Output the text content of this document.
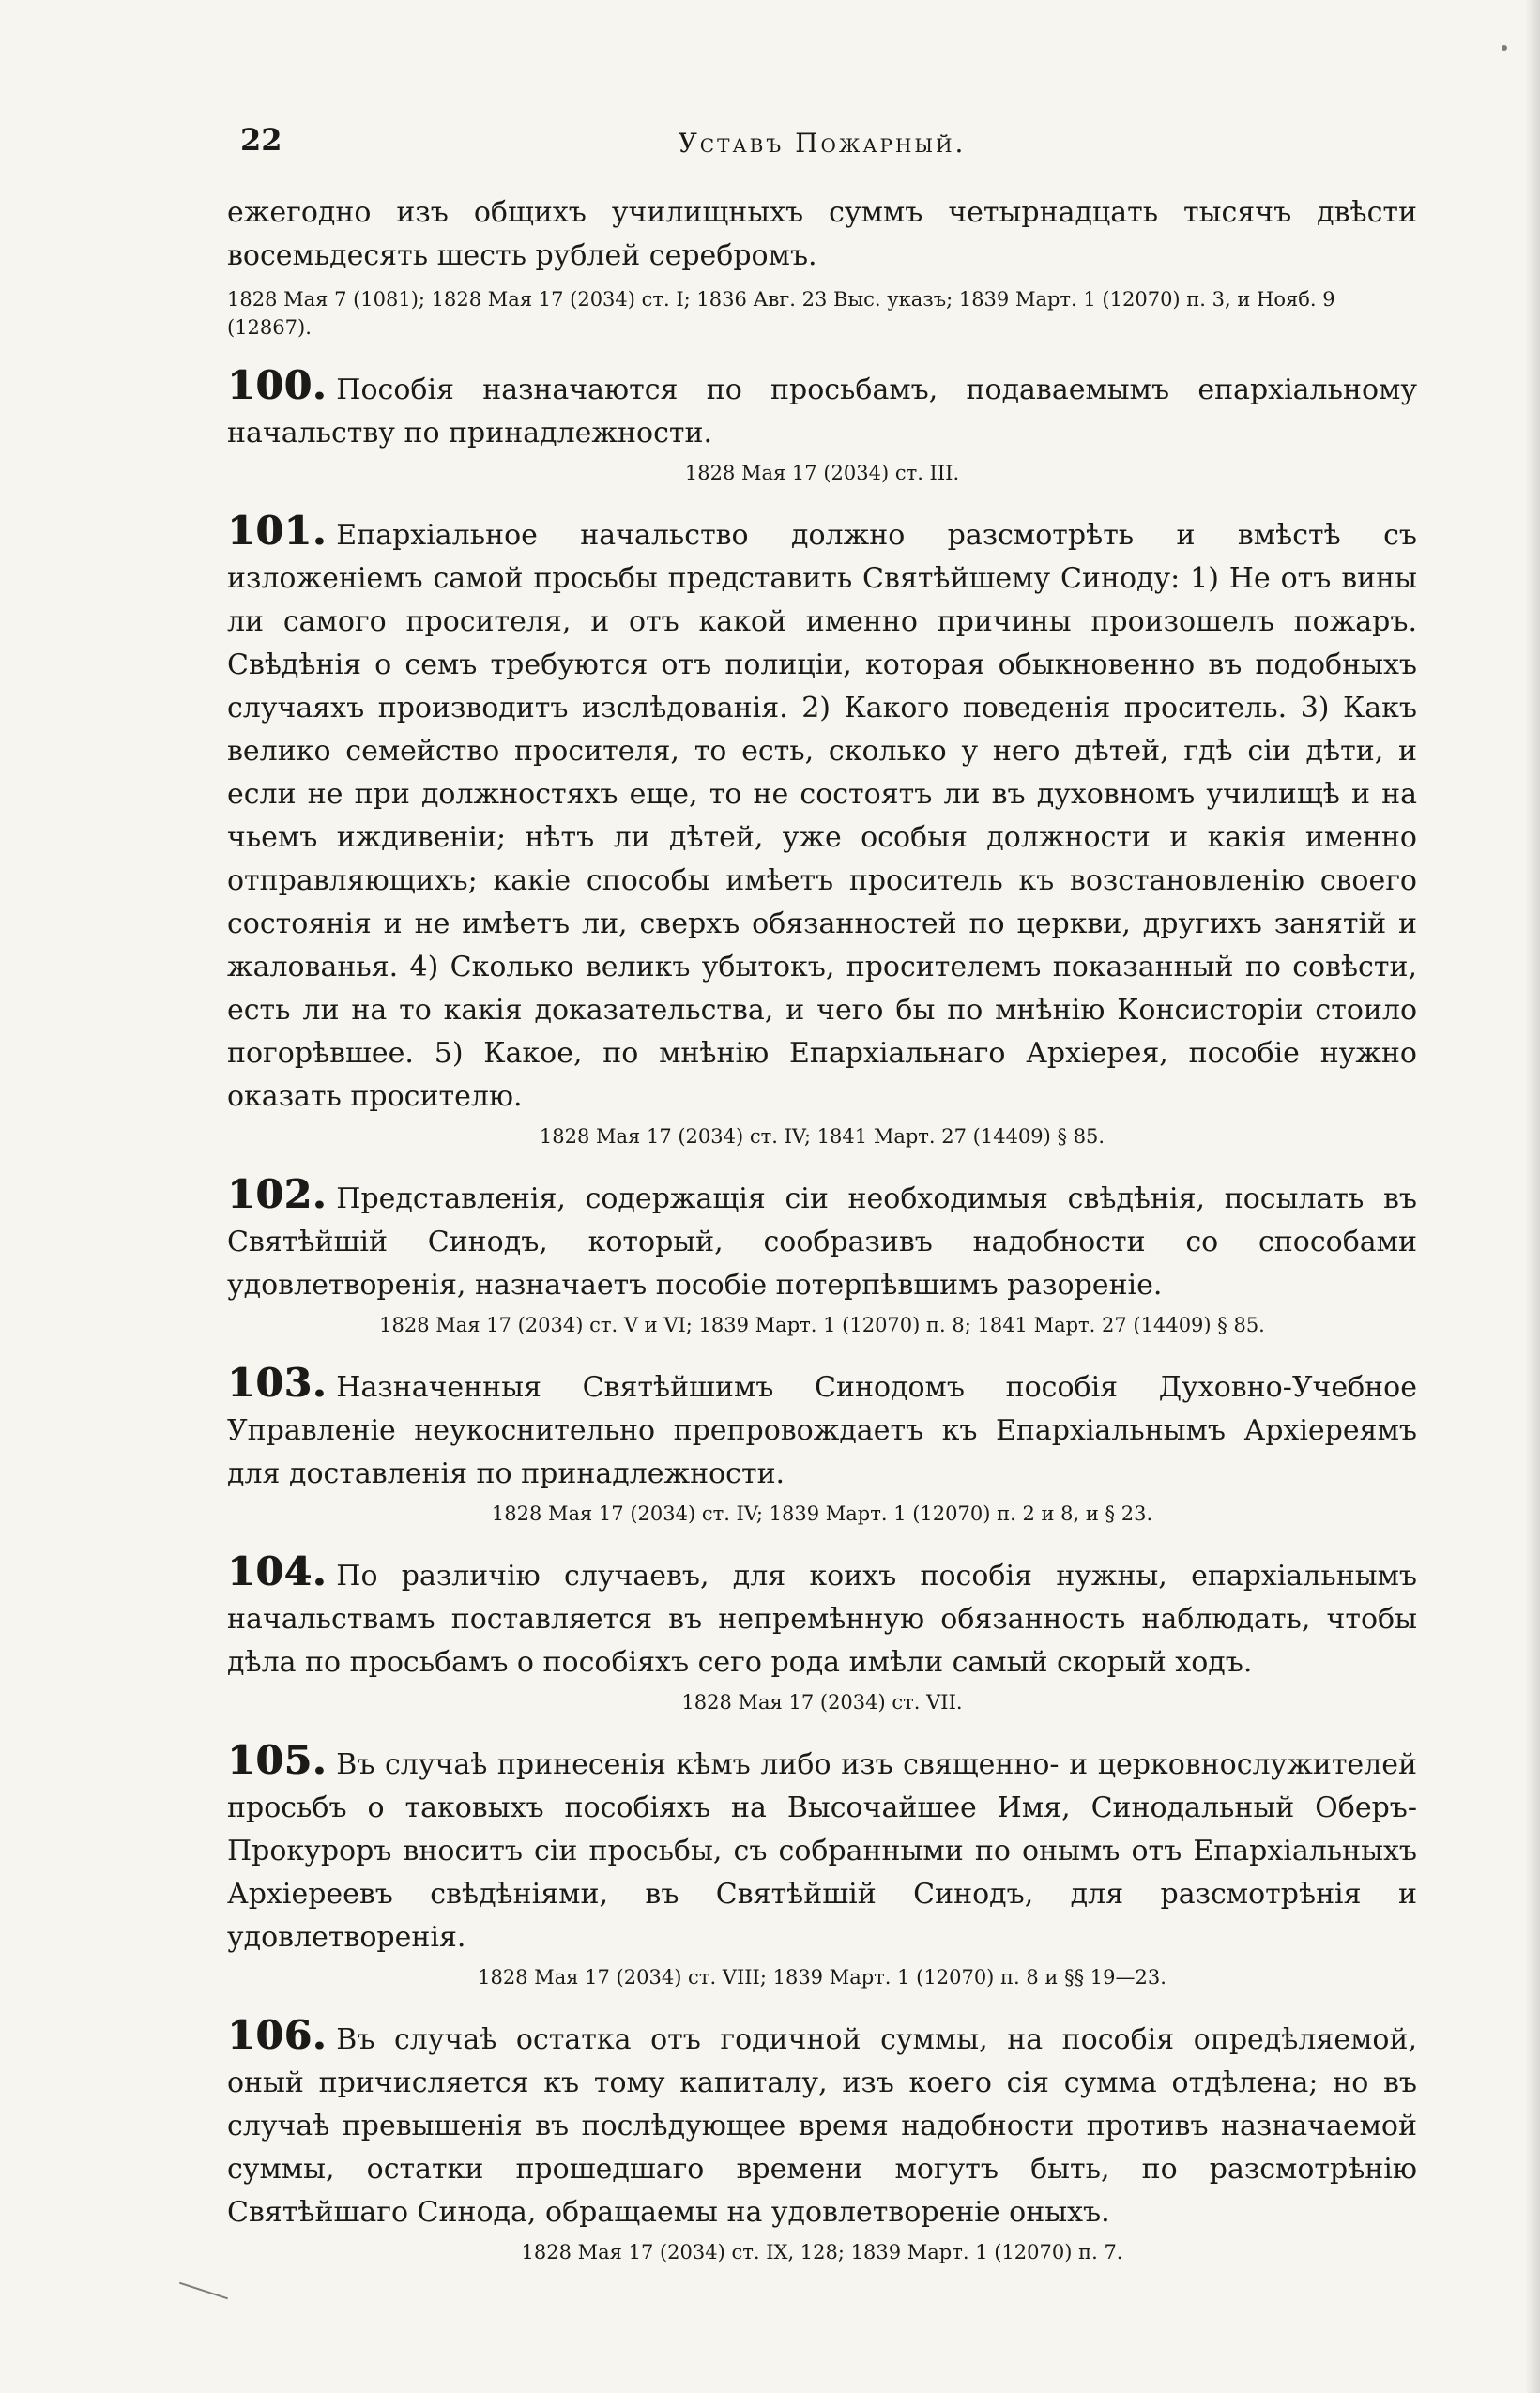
22	Уставъ Пожарный.

ежегодно изъ общихъ училищныхъ суммъ четырнадцать тысячъ двѣсти восемьдесять шесть рублей серебромъ.

1828 Мая 7 (1081); 1828 Мая 17 (2034) ст. I; 1836 Авг. 23 Выс. указъ; 1839 Март. 1 (12070) п. 3, и Нояб. 9 (12867).

100. Пособія назначаются по просьбамъ, подаваемымъ епархіальному начальству по принадлежности.

1828 Мая 17 (2034) ст. III.

101. Епархіальное начальство должно разсмотрѣть и вмѣстѣ съ изложеніемъ самой просьбы представить Святѣйшему Синоду: 1) Не отъ вины ли самого просителя, и отъ какой именно причины произошелъ пожаръ. Свѣдѣнія о семъ требуются отъ полиціи, которая обыкновенно въ подобныхъ случаяхъ производитъ изслѣдованія. 2) Какого поведенія проситель. 3) Какъ велико семейство просителя, то есть, сколько у него дѣтей, гдѣ сіи дѣти, и если не при должностяхъ еще, то не состоятъ ли въ духовномъ училищѣ и на чьемъ иждивеніи; нѣтъ ли дѣтей, уже особыя должности и какія именно отправляющихъ; какіе способы имѣетъ проситель къ возстановленію своего состоянія и не имѣетъ ли, сверхъ обязанностей по церкви, другихъ занятій и жалованья. 4) Сколько великъ убытокъ, просителемъ показанный по совѣсти, есть ли на то какія доказательства, и чего бы по мнѣнію Консисторіи стоило погорѣвшее. 5) Какое, по мнѣнію Епархіальнаго Архіерея, пособіе нужно оказать просителю.

1828 Мая 17 (2034) ст. IV; 1841 Март. 27 (14409) § 85.

102. Представленія, содержащія сіи необходимыя свѣдѣнія, посылать въ Святѣйшій Синодъ, который, сообразивъ надобности со способами удовлетворенія, назначаетъ пособіе потерпѣвшимъ разореніе.

1828 Мая 17 (2034) ст. V и VI; 1839 Март. 1 (12070) п. 8; 1841 Март. 27 (14409) § 85.

103. Назначенныя Святѣйшимъ Синодомъ пособія Духовно-Учебное Управленіе неукоснительно препровождаетъ къ Епархіальнымъ Архіереямъ для доставленія по принадлежности.

1828 Мая 17 (2034) ст. IV; 1839 Март. 1 (12070) п. 2 и 8, и § 23.

104. По различію случаевъ, для коихъ пособія нужны, епархіальнымъ начальствамъ поставляется въ непремѣнную обязанность наблюдать, чтобы дѣла по просьбамъ о пособіяхъ сего рода имѣли самый скорый ходъ.

1828 Мая 17 (2034) ст. VII.

105. Въ случаѣ принесенія кѣмъ либо изъ священно- и церковнослужителей просьбъ о таковыхъ пособіяхъ на Высочайшее Имя, Синодальный Оберъ-Прокуроръ вноситъ сіи просьбы, съ собранными по онымъ отъ Епархіальныхъ Архіереевъ свѣдѣніями, въ Святѣйшій Синодъ, для разсмотрѣнія и удовлетворенія.

1828 Мая 17 (2034) ст. VIII; 1839 Март. 1 (12070) п. 8 и §§ 19—23.

106. Въ случаѣ остатка отъ годичной суммы, на пособія опредѣляемой, оный причисляется къ тому капиталу, изъ коего сія сумма отдѣлена; но въ случаѣ превышенія въ послѣдующее время надобности противъ назначаемой суммы, остатки прошедшаго времени могутъ быть, по разсмотрѣнію Святѣйшаго Синода, обращаемы на удовлетвореніе оныхъ.

1828 Мая 17 (2034) ст. IX, 128; 1839 Март. 1 (12070) п. 7.
